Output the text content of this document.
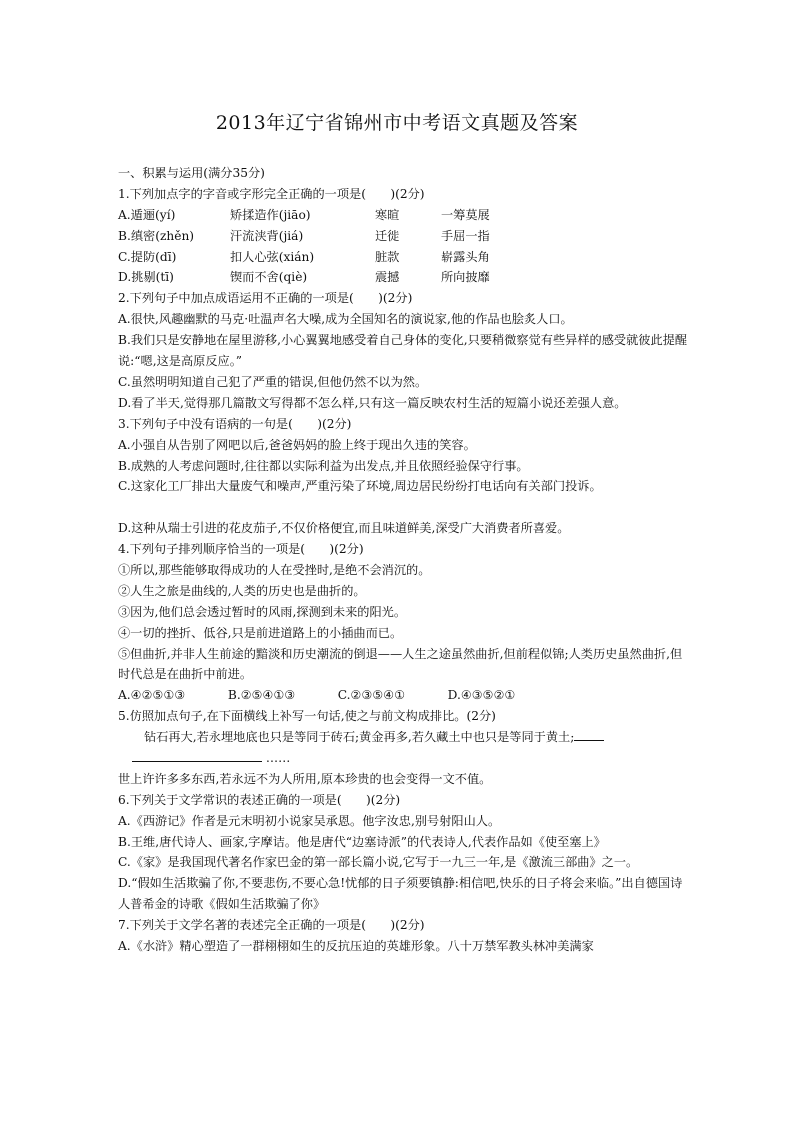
2013年辽宁省锦州市中考语文真题及答案
一、积累与运用(满分35分)
1.下列加点字的字音或字形完全正确的一项是(　　)(2分)
A.遁逦(yí)	矫揉造作(jiāo)	寒暄	一筹莫展
B.缜密(zhěn)	汗流浃背(jiá)	迁徙	手屈一指
C.提防(dī)	扣人心弦(xián)	脏款	崭露头角
D.挑剔(tī)	锲而不舍(qiè)	震撼	所向披靡
2.下列句子中加点成语运用不正确的一项是(　　)(2分)
A.很快,风趣幽默的马克·吐温声名大噪,成为全国知名的演说家,他的作品也脍炙人口。
B.我们只是安静地在屋里游移,小心翼翼地感受着自己身体的变化,只要稍微察觉有些异样的感受就彼此提醒说:“嗯,这是高原反应。”
C.虽然明明知道自己犯了严重的错误,但他仍然不以为然。
D.看了半天,觉得那几篇散文写得都不怎么样,只有这一篇反映农村生活的短篇小说还差强人意。
3.下列句子中没有语病的一句是(　　)(2分)
A.小强自从告别了网吧以后,爸爸妈妈的脸上终于现出久违的笑容。
B.成熟的人考虑问题时,往往都以实际利益为出发点,并且依照经验保守行事。
C.这家化工厂排出大量废气和噪声,严重污染了环境,周边居民纷纷打电话向有关部门投诉。
D.这种从瑞士引进的花皮茄子,不仅价格便宜,而且味道鲜美,深受广大消费者所喜爱。
4.下列句子排列顺序恰当的一项是(　　)(2分)
①所以,那些能够取得成功的人在受挫时,是绝不会消沉的。
②人生之旅是曲线的,人类的历史也是曲折的。
③因为,他们总会透过暂时的风雨,探测到未来的阳光。
④一切的挫折、低谷,只是前进道路上的小插曲而已。
⑤但曲折,并非人生前途的黯淡和历史潮流的倒退——人生之途虽然曲折,但前程似锦;人类历史虽然曲折,但时代总是在曲折中前进。
A.④②⑤①③	B.②⑤④①③	C.②③⑤④①	D.④③⑤②①
5.仿照加点句子,在下面横线上补写一句话,使之与前文构成排比。(2分)
钻石再大,若永埋地底也只是等同于砖石;黄金再多,若久藏土中也只是等同于黄土;
……
世上许许多多东西,若永远不为人所用,原本珍贵的也会变得一文不值。
6.下列关于文学常识的表述正确的一项是(　　)(2分)
A.《西游记》作者是元末明初小说家吴承恩。他字汝忠,别号射阳山人。
B.王维,唐代诗人、画家,字摩诘。他是唐代“边塞诗派”的代表诗人,代表作品如《使至塞上》
C.《家》是我国现代著名作家巴金的第一部长篇小说,它写于一九三一年,是《激流三部曲》之一。
D.“假如生活欺骗了你,不要悲伤,不要心急!忧郁的日子须要镇静:相信吧,快乐的日子将会来临。”出自德国诗人普希金的诗歌《假如生活欺骗了你》
7.下列关于文学名著的表述完全正确的一项是(　　)(2分)
A.《水浒》精心塑造了一群栩栩如生的反抗压迫的英雄形象。八十万禁军教头林冲美满家
